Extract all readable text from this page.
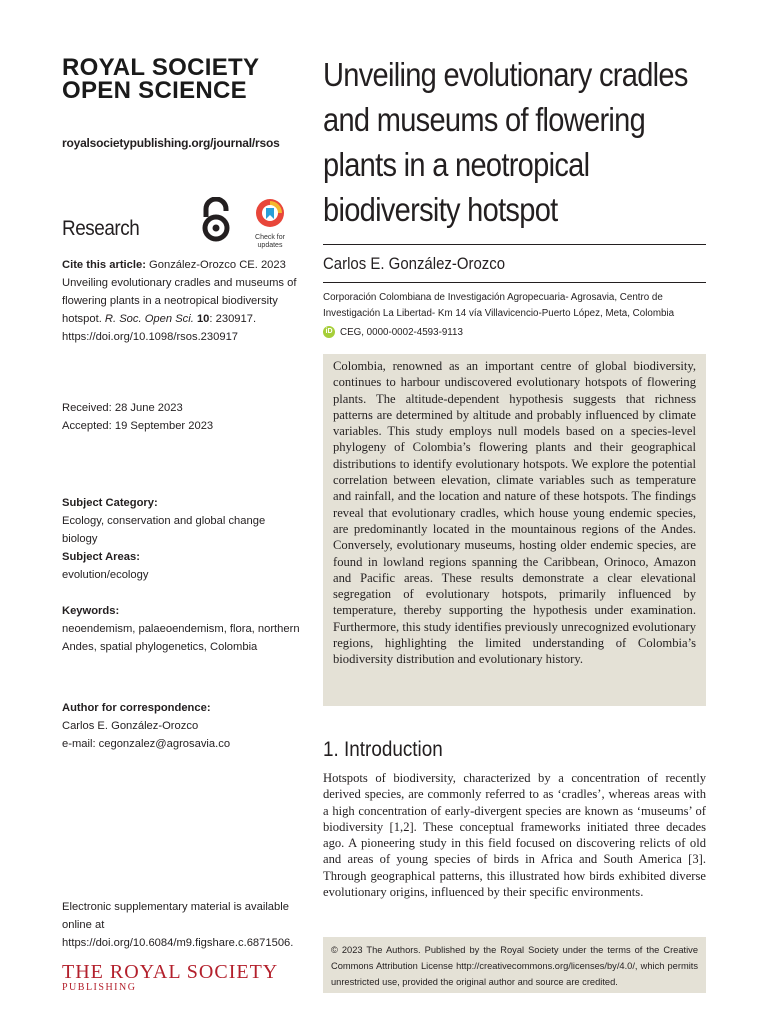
ROYAL SOCIETY
OPEN SCIENCE
royalsocietypublishing.org/journal/rsos
Research	Check for
updates
Cite this article: González-Orozco CE. 2023 Unveiling evolutionary cradles and museums of flowering plants in a neotropical biodiversity hotspot. R. Soc. Open Sci. 10: 230917. https://doi.org/10.1098/rsos.230917
Received: 28 June 2023
Accepted: 19 September 2023
Subject Category:
Ecology, conservation and global change biology
Subject Areas:
evolution/ecology
Keywords:
neoendemism, palaeoendemism, flora, northern Andes, spatial phylogenetics, Colombia
Author for correspondence:
Carlos E. González-Orozco
e-mail: cegonzalez@agrosavia.co
Electronic supplementary material is available online at https://doi.org/10.6084/m9.figshare.c.6871506.
THE ROYAL SOCIETY
PUBLISHING
Unveiling evolutionary cradles
and museums of flowering
plants in a neotropical
biodiversity hotspot
Carlos E. González-Orozco
Corporación Colombiana de Investigación Agropecuaria- Agrosavia, Centro de Investigación La Libertad- Km 14 vía Villavicencio-Puerto López, Meta, Colombia
iD CEG, 0000-0002-4593-9113
Colombia, renowned as an important centre of global biodiversity, continues to harbour undiscovered evolutionary hotspots of flowering plants. The altitude-dependent hypothesis suggests that richness patterns are determined by altitude and probably influenced by climate variables. This study employs null models based on a species-level phylogeny of Colombia’s flowering plants and their geographical distributions to identify evolutionary hotspots. We explore the potential correlation between elevation, climate variables such as temperature and rainfall, and the location and nature of these hotspots. The findings reveal that evolutionary cradles, which house young endemic species, are predominantly located in the mountainous regions of the Andes. Conversely, evolutionary museums, hosting older endemic species, are found in lowland regions spanning the Caribbean, Orinoco, Amazon and Pacific areas. These results demonstrate a clear elevational segregation of evolutionary hotspots, primarily influenced by temperature, thereby supporting the hypothesis under examination. Furthermore, this study identifies previously unrecognized evolutionary regions, highlighting the limited understanding of Colombia’s biodiversity distribution and evolutionary history.
1. Introduction
Hotspots of biodiversity, characterized by a concentration of recently derived species, are commonly referred to as ‘cradles’, whereas areas with a high concentration of early-divergent species are known as ‘museums’ of biodiversity [1,2]. These conceptual frameworks initiated three decades ago. A pioneering study in this field focused on discovering relicts of old and areas of young species of birds in Africa and South America [3]. Through geographical patterns, this illustrated how birds exhibited diverse evolutionary origins, influenced by their specific environments.
© 2023 The Authors. Published by the Royal Society under the terms of the Creative Commons Attribution License http://creativecommons.org/licenses/by/4.0/, which permits unrestricted use, provided the original author and source are credited.
